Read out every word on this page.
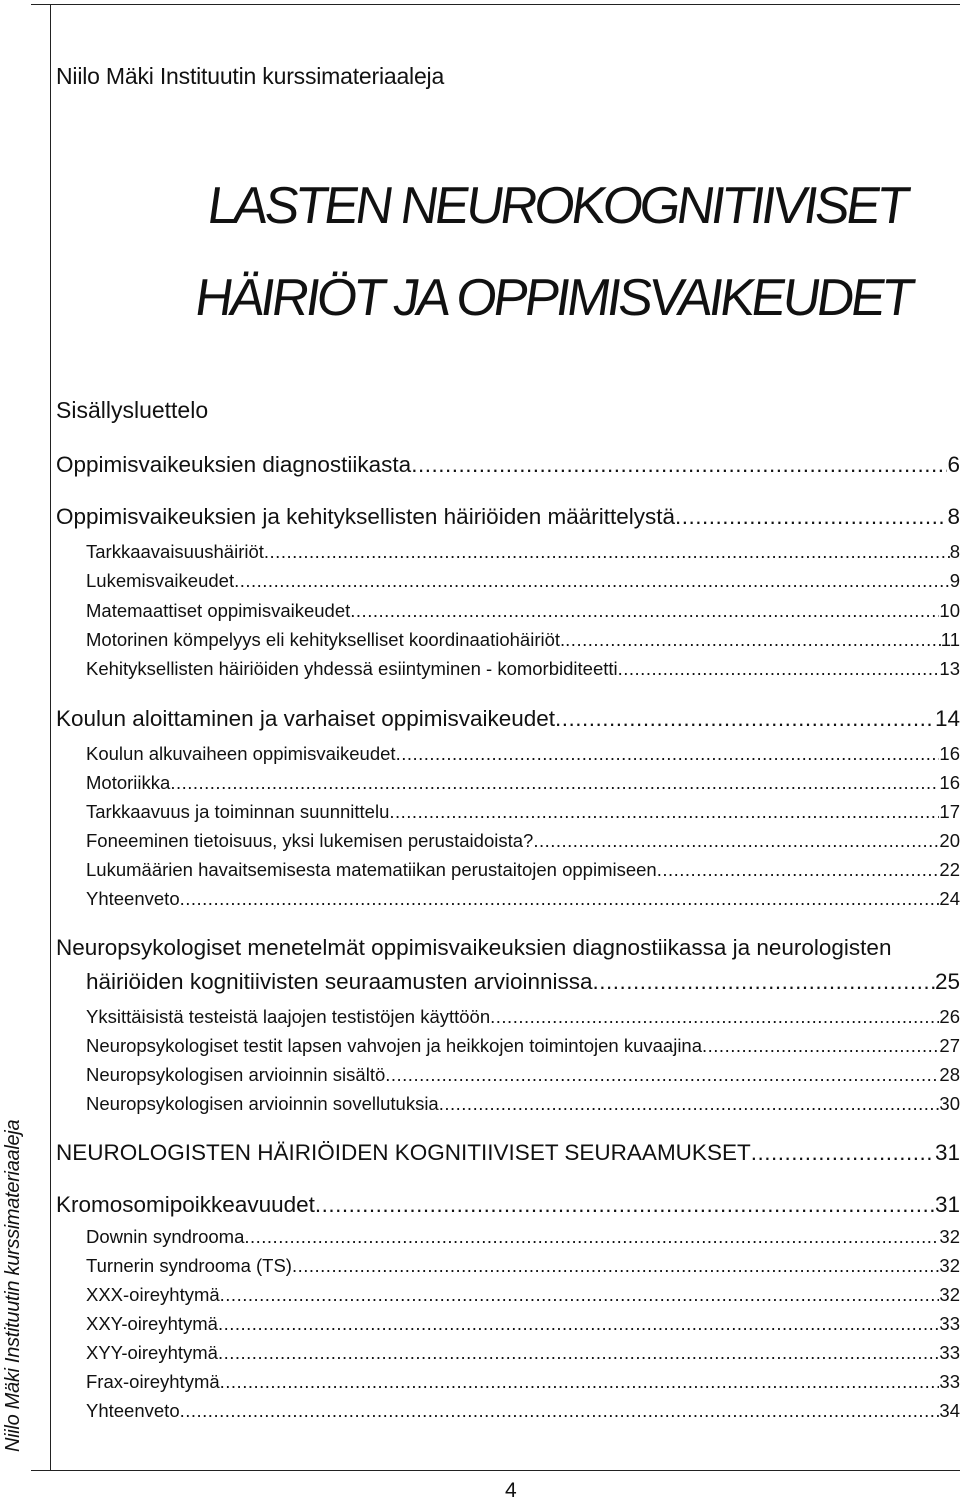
Niilo Mäki Instituutin kurssimateriaaleja
Niilo Mäki Instituutin kurssimateriaaleja
LASTEN NEUROKOGNITIIVISET
HÄIRIÖT JA OPPIMISVAIKEUDET
Sisällysluettelo
Oppimisvaikeuksien diagnostiikasta .....	6
Oppimisvaikeuksien ja kehityksellisten häiriöiden määrittelystä .....	8
Tarkkaavaisuushäiriöt .....	8
Lukemisvaikeudet .....	9
Matemaattiset oppimisvaikeudet .....	10
Motorinen kömpelyys eli kehitykselliset koordinaatiohäiriöt. .....	11
Kehityksellisten häiriöiden yhdessä esiintyminen - komorbiditeetti .....	13
Koulun aloittaminen ja varhaiset oppimisvaikeudet .....	14
Koulun alkuvaiheen oppimisvaikeudet .....	16
Motoriikka .....	16
Tarkkaavuus ja toiminnan suunnittelu .....	17
Foneeminen tietoisuus, yksi lukemisen perustaidoista? .....	20
Lukumäärien havaitsemisesta matematiikan perustaitojen oppimiseen .....	22
Yhteenveto .....	24
Neuropsykologiset menetelmät oppimisvaikeuksien diagnostiikassa ja neurologisten
häiriöiden kognitiivisten seuraamusten arvioinnissa .....	25
Yksittäisistä testeistä laajojen testistöjen käyttöön .....	26
Neuropsykologiset testit lapsen vahvojen ja heikkojen toimintojen kuvaajina .....	27
Neuropsykologisen arvioinnin sisältö .....	28
Neuropsykologisen arvioinnin sovellutuksia .....	30
NEUROLOGISTEN HÄIRIÖIDEN KOGNITIIVISET SEURAAMUKSET .....	31
Kromosomipoikkeavuudet .....	31
Downin syndrooma .....	32
Turnerin syndrooma (TS) .....	32
XXX-oireyhtymä .....	32
XXY-oireyhtymä .....	33
XYY-oireyhtymä .....	33
Frax-oireyhtymä .....	33
Yhteenveto .....	34
4
